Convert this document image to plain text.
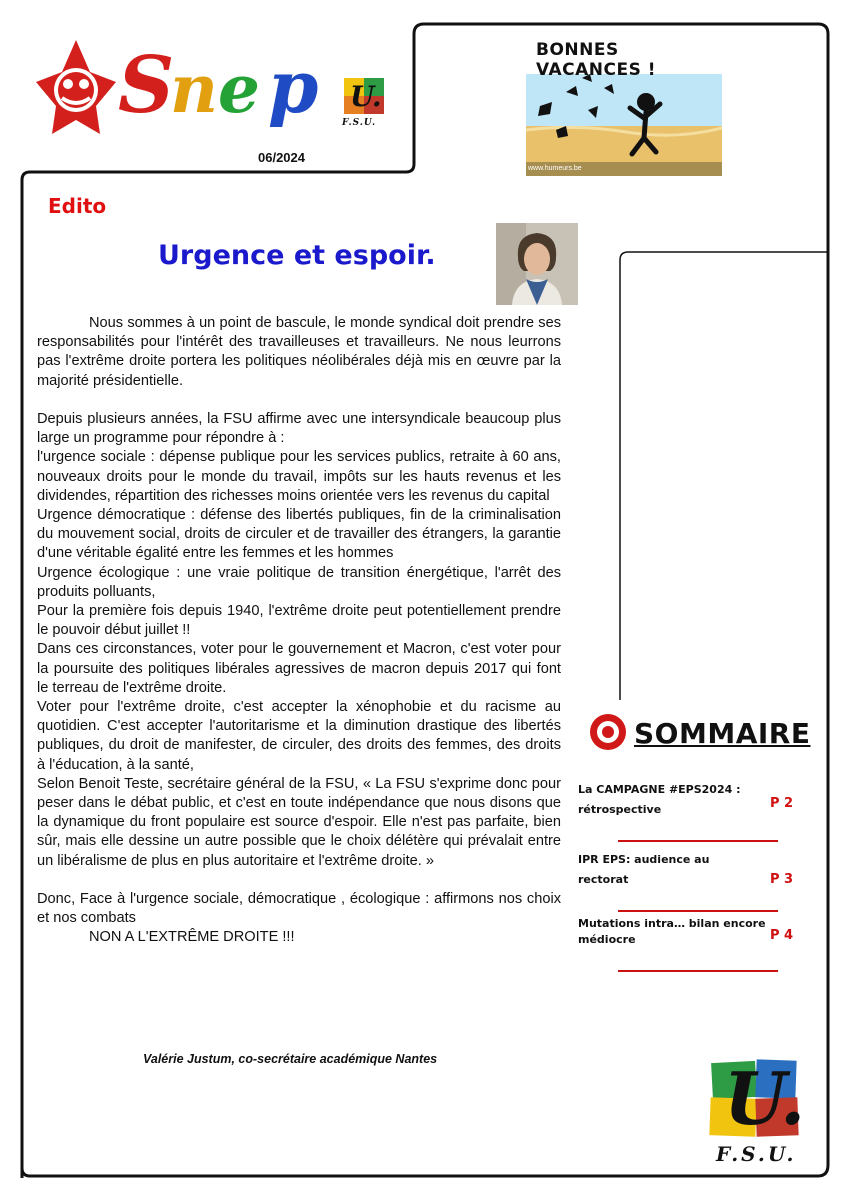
S
n e p U.
F.S.U.
06/2024
BONNES VACANCES !
www.humeurs.be
Edito
Urgence et espoir.

Nous sommes à un point de bascule, le monde syndical doit prendre ses responsabilités pour l'intérêt des travailleuses et travailleurs. Ne nous leurrons pas l'extrême droite portera les politiques néolibérales déjà mis en œuvre par la majorité présidentielle.

Depuis plusieurs années, la FSU affirme avec une intersyndicale beaucoup plus large un programme pour répondre à :

l'urgence sociale : dépense publique pour les services publics, retraite à 60 ans, nouveaux droits pour le monde du travail, impôts sur les hauts revenus et les dividendes, répartition des richesses moins orientée vers les revenus du capital

Urgence démocratique : défense des libertés publiques, fin de la criminalisation du mouvement social, droits de circuler et de travailler des étrangers, la garantie d'une véritable égalité entre les femmes et les hommes

Urgence écologique : une vraie politique de transition énergétique, l'arrêt des produits polluants,

Pour la première fois depuis 1940, l'extrême droite peut potentiellement prendre le pouvoir début juillet !!

Dans ces circonstances, voter pour le gouvernement et Macron, c'est voter pour la poursuite des politiques libérales agressives de macron depuis 2017 qui font le terreau de l'extrême droite.

Voter pour l'extrême droite, c'est accepter la xénophobie et du racisme au quotidien. C'est accepter l'autoritarisme et la diminution drastique des libertés publiques, du droit de manifester, de circuler, des droits des femmes, des droits à l'éducation, à la santé,

Selon Benoit Teste, secrétaire général de la FSU, « La FSU s'exprime donc pour peser dans le débat public, et c'est en toute indépendance que nous disons que la dynamique du front populaire est source d'espoir. Elle n'est pas parfaite, bien sûr, mais elle dessine un autre possible que le choix délétère qui prévalait entre un libéralisme de plus en plus autoritaire et l'extrême droite. »

Donc, Face à l'urgence sociale, démocratique , écologique : affirmons nos choix et nos combats

NON A L'EXTRÊME DROITE !!!

Valérie Justum, co-secrétaire académique Nantes
SOMMAIRE
La CAMPAGNE #EPS2024 :
rétrospective	P 2
IPR EPS: audience au
rectorat	P 3
Mutations intra… bilan encore
médiocre	P 4
U.
F.S.U.
